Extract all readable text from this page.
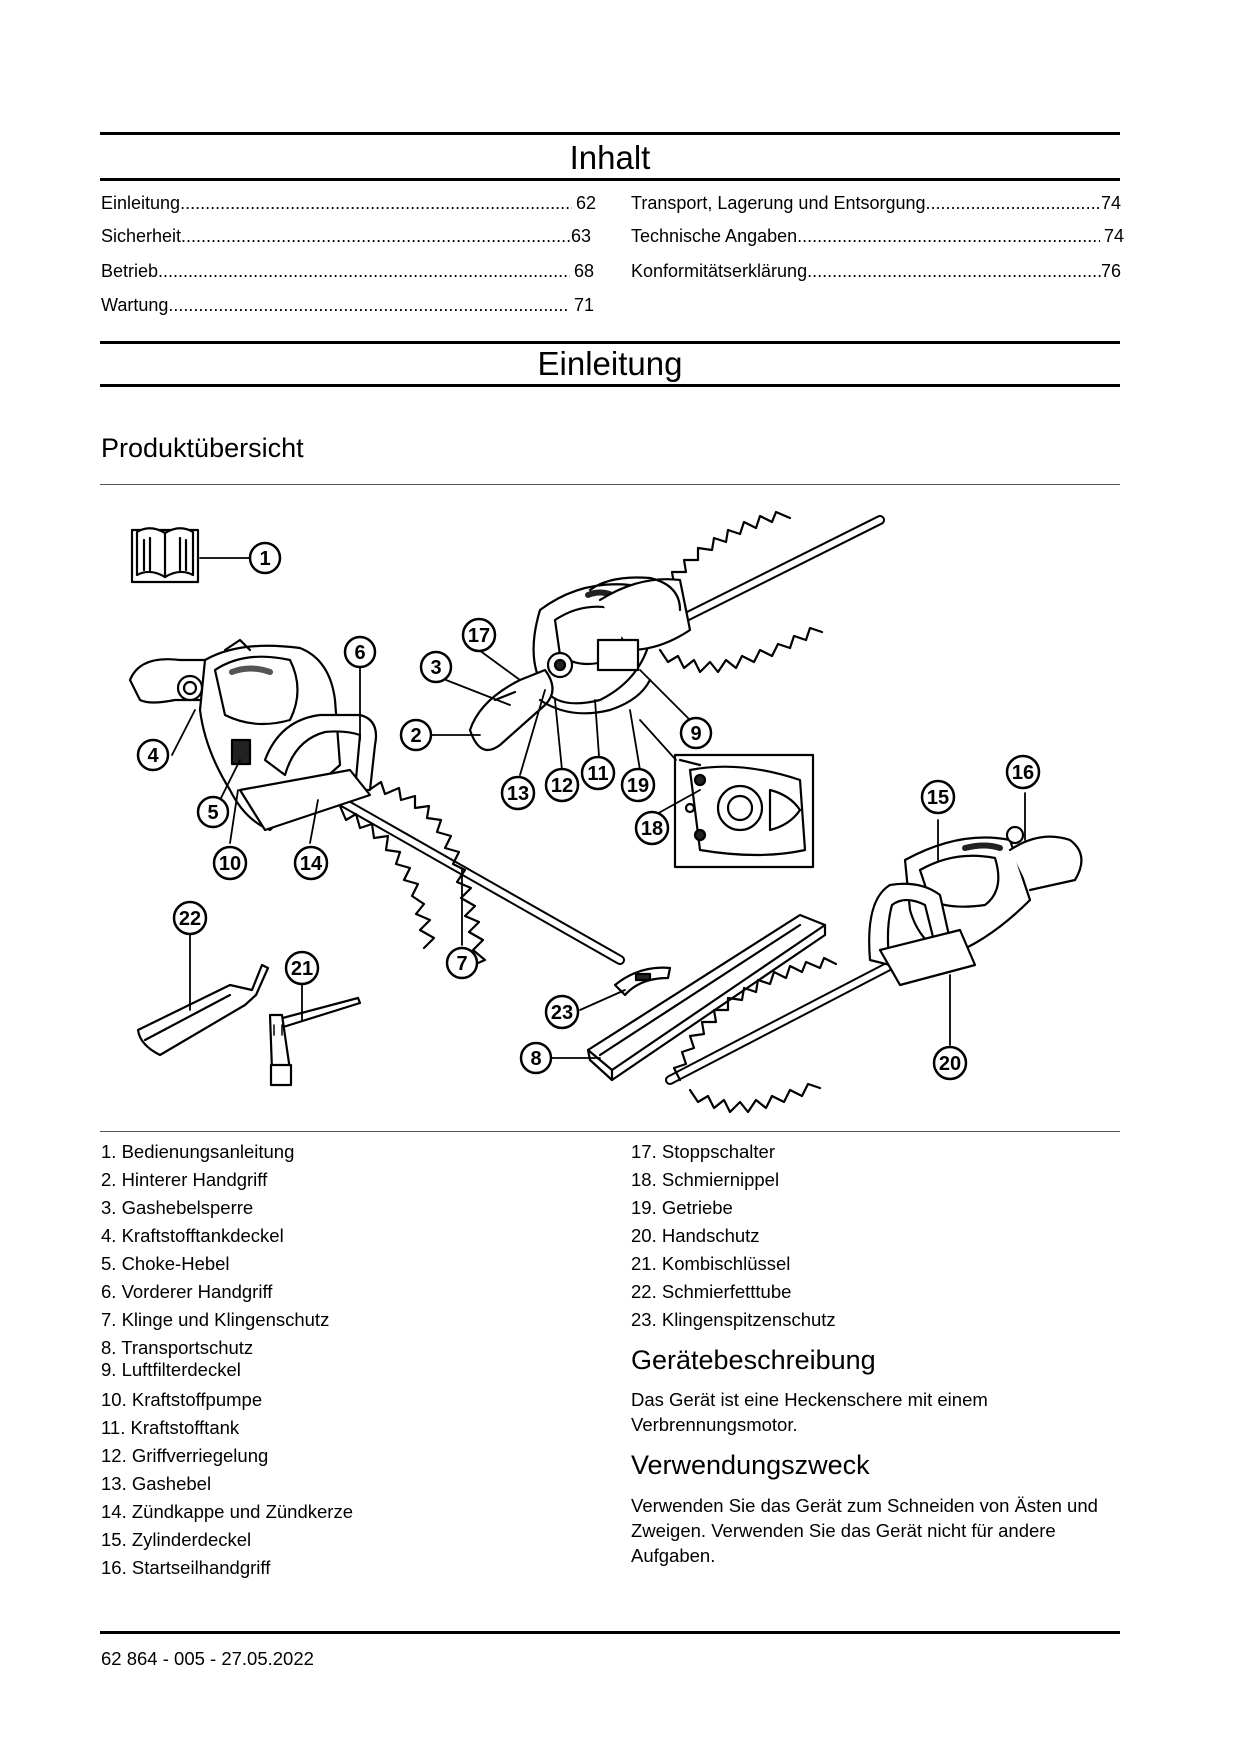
Inhalt
Einleitung .....	62
Sicherheit .....	63
Betrieb .....	68
Wartung .....	71
Transport, Lagerung und Entsorgung .....	74
Technische Angaben .....	74
Konformitätserklärung .....	76
Einleitung
Produktübersicht
1
2
3
4
5
6
7
8
9
10
11
12
13
14
15
16
17
18
19
20
21
22
23
1. Bedienungsanleitung
2. Hinterer Handgriff
3. Gashebelsperre
4. Kraftstofftankdeckel
5. Choke-Hebel
6. Vorderer Handgriff
7. Klinge und Klingenschutz
8. Transportschutz
9. Luftfilterdeckel
10. Kraftstoffpumpe
11. Kraftstofftank
12. Griffverriegelung
13. Gashebel
14. Zündkappe und Zündkerze
15. Zylinderdeckel
16. Startseilhandgriff
17. Stoppschalter
18. Schmiernippel
19. Getriebe
20. Handschutz
21. Kombischlüssel
22. Schmierfetttube
23. Klingenspitzenschutz
Gerätebeschreibung
Das Gerät ist eine Heckenschere mit einem Verbrennungsmotor.
Verwendungszweck
Verwenden Sie das Gerät zum Schneiden von Ästen und Zweigen. Verwenden Sie das Gerät nicht für andere Aufgaben.
62 864 - 005 - 27.05.2022
